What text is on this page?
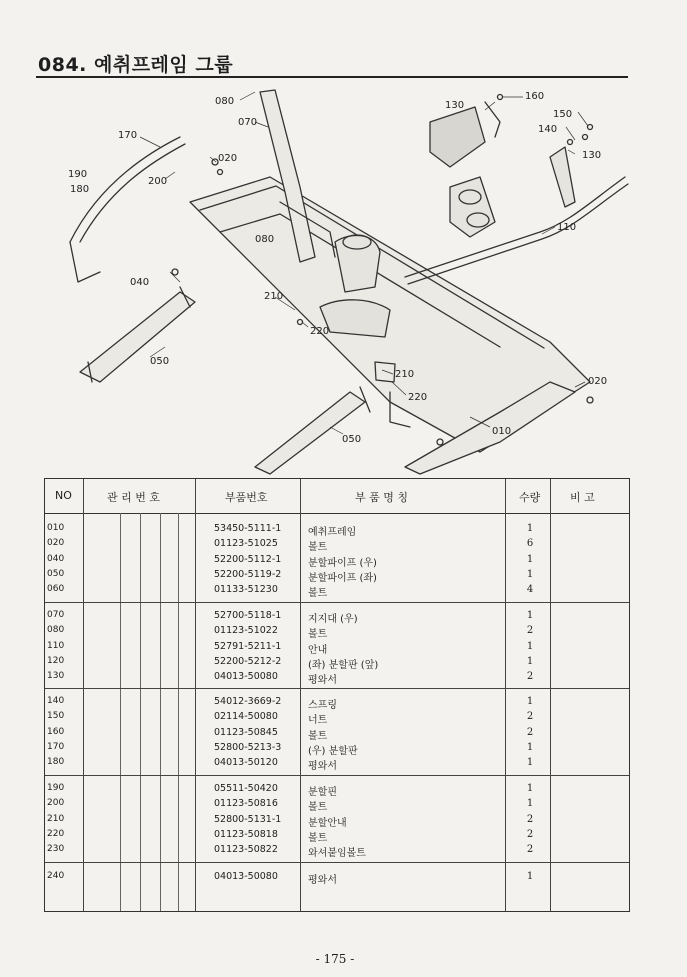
084. 예취프레임 그룹
080
070
170
020
200
190
180
080
040
050
130
160
150
140
130
110
210
220
210
220
010
020
050
NO	관 리 번 호	부품번호	부 품 명 칭	수량	비 고
010	53450-5111-1	예취프레임	1
020	01123-51025	볼트	6
040	52200-5112-1	분할파이프 (우)	1
050	52200-5119-2	분할파이프 (좌)	1
060	01133-51230	볼트	4
070	52700-5118-1	지지대 (우)	1
080	01123-51022	볼트	2
110	52791-5211-1	안내	1
120	52200-5212-2	(좌) 분할판 (앞)	1
130	04013-50080	평와서	2
140	54012-3669-2	스프링	1
150	02114-50080	너트	2
160	01123-50845	볼트	2
170	52800-5213-3	(우) 분할판	1
180	04013-50120	평와서	1
190	05511-50420	분할핀	1
200	01123-50816	볼트	1
210	52800-5131-1	분할안내	2
220	01123-50818	볼트	2
230	01123-50822	와셔붙임볼트	2
240	04013-50080	평와서	1
- 175 -
